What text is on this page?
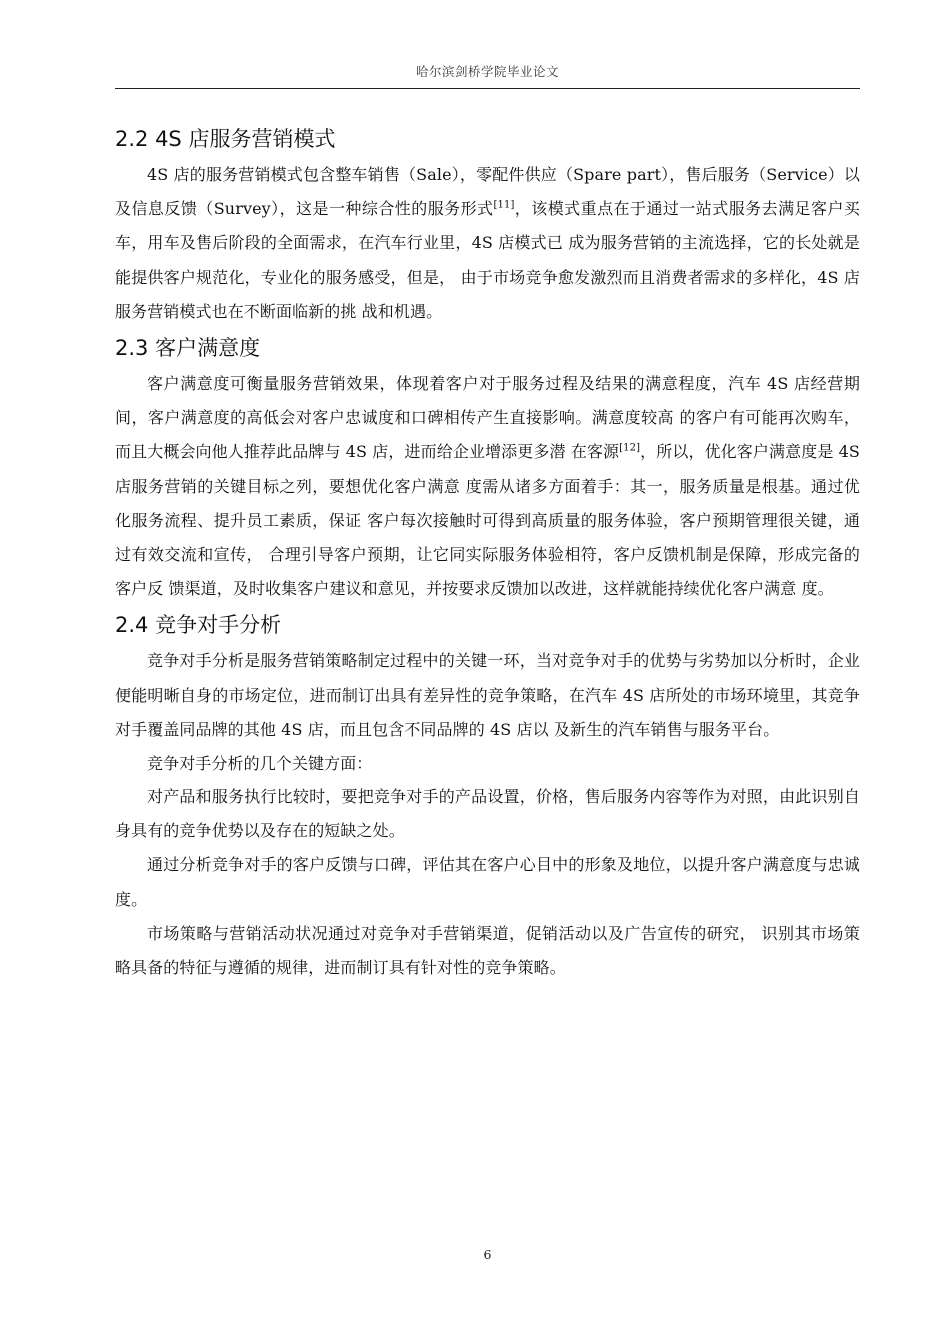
哈尔滨剑桥学院毕业论文
2.2 4S 店服务营销模式

4S 店的服务营销模式包含整车销售（Sale），零配件供应（Spare part），售后服务（Service）以及信息反馈（Survey），这是一种综合性的服务形式[11]，该模式重点在于通过一站式服务去满足客户买车，用车及售后阶段的全面需求，在汽车行业里，4S 店模式已 成为服务营销的主流选择，它的长处就是能提供客户规范化，专业化的服务感受，但是， 由于市场竞争愈发激烈而且消费者需求的多样化，4S 店服务营销模式也在不断面临新的挑 战和机遇。

2.3 客户满意度

客户满意度可衡量服务营销效果，体现着客户对于服务过程及结果的满意程度，汽车 4S 店经营期间，客户满意度的高低会对客户忠诚度和口碑相传产生直接影响。满意度较高 的客户有可能再次购车，而且大概会向他人推荐此品牌与 4S 店，进而给企业增添更多潜 在客源[12]，所以，优化客户满意度是 4S 店服务营销的关键目标之列，要想优化客户满意 度需从诸多方面着手：其一，服务质量是根基。通过优化服务流程、提升员工素质，保证 客户每次接触时可得到高质量的服务体验，客户预期管理很关键，通过有效交流和宣传， 合理引导客户预期，让它同实际服务体验相符，客户反馈机制是保障，形成完备的客户反 馈渠道，及时收集客户建议和意见，并按要求反馈加以改进，这样就能持续优化客户满意 度。

2.4 竞争对手分析

竞争对手分析是服务营销策略制定过程中的关键一环，当对竞争对手的优势与劣势加以分析时，企业便能明晰自身的市场定位，进而制订出具有差异性的竞争策略，在汽车 4S 店所处的市场环境里，其竞争对手覆盖同品牌的其他 4S 店，而且包含不同品牌的 4S 店以 及新生的汽车销售与服务平台。

竞争对手分析的几个关键方面：

对产品和服务执行比较时，要把竞争对手的产品设置，价格，售后服务内容等作为对照，由此识别自身具有的竞争优势以及存在的短缺之处。

通过分析竞争对手的客户反馈与口碑，评估其在客户心目中的形象及地位，以提升客户满意度与忠诚度。

市场策略与营销活动状况通过对竞争对手营销渠道，促销活动以及广告宣传的研究， 识别其市场策略具备的特征与遵循的规律，进而制订具有针对性的竞争策略。

6
